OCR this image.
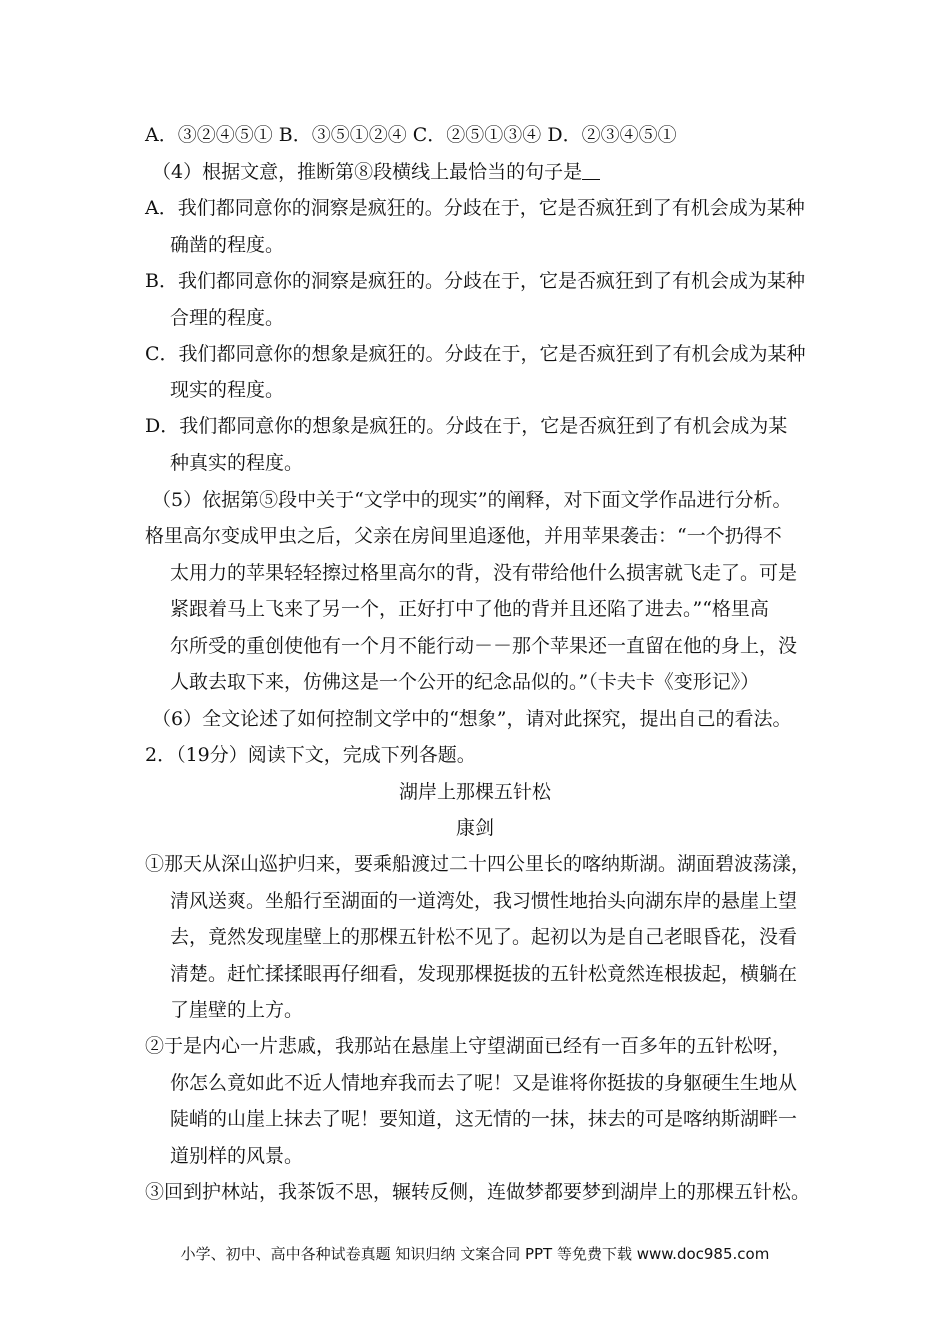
A．③②④⑤① B．③⑤①②④ C．②⑤①③④ D．②③④⑤①
（4）根据文意，推断第⑧段横线上最恰当的句子是
A．我们都同意你的洞察是疯狂的。分歧在于，它是否疯狂到了有机会成为某种
确凿的程度。
B．我们都同意你的洞察是疯狂的。分歧在于，它是否疯狂到了有机会成为某种
合理的程度。
C．我们都同意你的想象是疯狂的。分歧在于，它是否疯狂到了有机会成为某种
现实的程度。
D．我们都同意你的想象是疯狂的。分歧在于，它是否疯狂到了有机会成为某
种真实的程度。
（5）依据第⑤段中关于“文学中的现实”的阐释，对下面文学作品进行分析。
格里高尔变成甲虫之后，父亲在房间里追逐他，并用苹果袭击：“一个扔得不
太用力的苹果轻轻擦过格里高尔的背，没有带给他什么损害就飞走了。可是
紧跟着马上飞来了另一个，正好打中了他的背并且还陷了进去。”“格里高
尔所受的重创使他有一个月不能行动－－那个苹果还一直留在他的身上，没
人敢去取下来，仿佛这是一个公开的纪念品似的。”（卡夫卡《变形记》）
（6）全文论述了如何控制文学中的“想象”，请对此探究，提出自己的看法。
2．（19分）阅读下文，完成下列各题。
湖岸上那棵五针松
康剑
①那天从深山巡护归来，要乘船渡过二十四公里长的喀纳斯湖。湖面碧波荡漾，
清风送爽。坐船行至湖面的一道湾处，我习惯性地抬头向湖东岸的悬崖上望
去，竟然发现崖壁上的那棵五针松不见了。起初以为是自己老眼昏花，没看
清楚。赶忙揉揉眼再仔细看，发现那棵挺拔的五针松竟然连根拔起，横躺在
了崖壁的上方。
②于是内心一片悲戚，我那站在悬崖上守望湖面已经有一百多年的五针松呀，
你怎么竟如此不近人情地弃我而去了呢！又是谁将你挺拔的身躯硬生生地从
陡峭的山崖上抹去了呢！要知道，这无情的一抹，抹去的可是喀纳斯湖畔一
道别样的风景。
③回到护林站，我茶饭不思，辗转反侧，连做梦都要梦到湖岸上的那棵五针松。
小学、初中、高中各种试卷真题 知识归纳 文案合同 PPT 等免费下载 www.doc985.com
